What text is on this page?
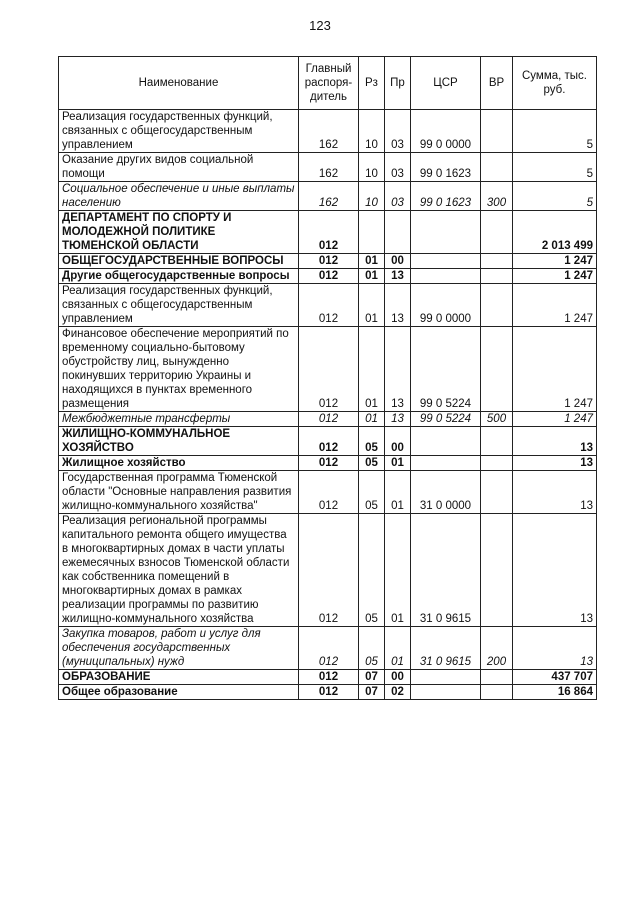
123
Наименование	Главный распоря-дитель	Рз	Пр	ЦСР	ВР	Сумма, тыс. руб.
Реализация государственных функций, связанных с общегосударственным управлением	162	10	03	99 0 0000		5
Оказание других видов социальной помощи	162	10	03	99 0 1623		5
Социальное обеспечение и иные выплаты населению	162	10	03	99 0 1623	300	5
ДЕПАРТАМЕНТ ПО СПОРТУ И МОЛОДЕЖНОЙ ПОЛИТИКЕ ТЮМЕНСКОЙ ОБЛАСТИ	012					2 013 499
ОБЩЕГОСУДАРСТВЕННЫЕ ВОПРОСЫ	012	01	00			1 247
Другие общегосударственные вопросы	012	01	13			1 247
Реализация государственных функций, связанных с общегосударственным управлением	012	01	13	99 0 0000		1 247
Финансовое обеспечение мероприятий по временному социально-бытовому обустройству лиц, вынужденно покинувших территорию Украины и находящихся в пунктах временного размещения	012	01	13	99 0 5224		1 247
Межбюджетные трансферты	012	01	13	99 0 5224	500	1 247
ЖИЛИЩНО-КОММУНАЛЬНОЕ ХОЗЯЙСТВО	012	05	00			13
Жилищное хозяйство	012	05	01			13
Государственная программа Тюменской области "Основные направления развития жилищно-коммунального хозяйства"	012	05	01	31 0 0000		13
Реализация региональной программы капитального ремонта общего имущества в многоквартирных домах в части уплаты ежемесячных взносов Тюменской области как собственника помещений в многоквартирных домах в рамках реализации программы по развитию жилищно-коммунального хозяйства	012	05	01	31 0 9615		13
Закупка товаров, работ и услуг для обеспечения государственных (муниципальных) нужд	012	05	01	31 0 9615	200	13
ОБРАЗОВАНИЕ	012	07	00			437 707
Общее образование	012	07	02			16 864
